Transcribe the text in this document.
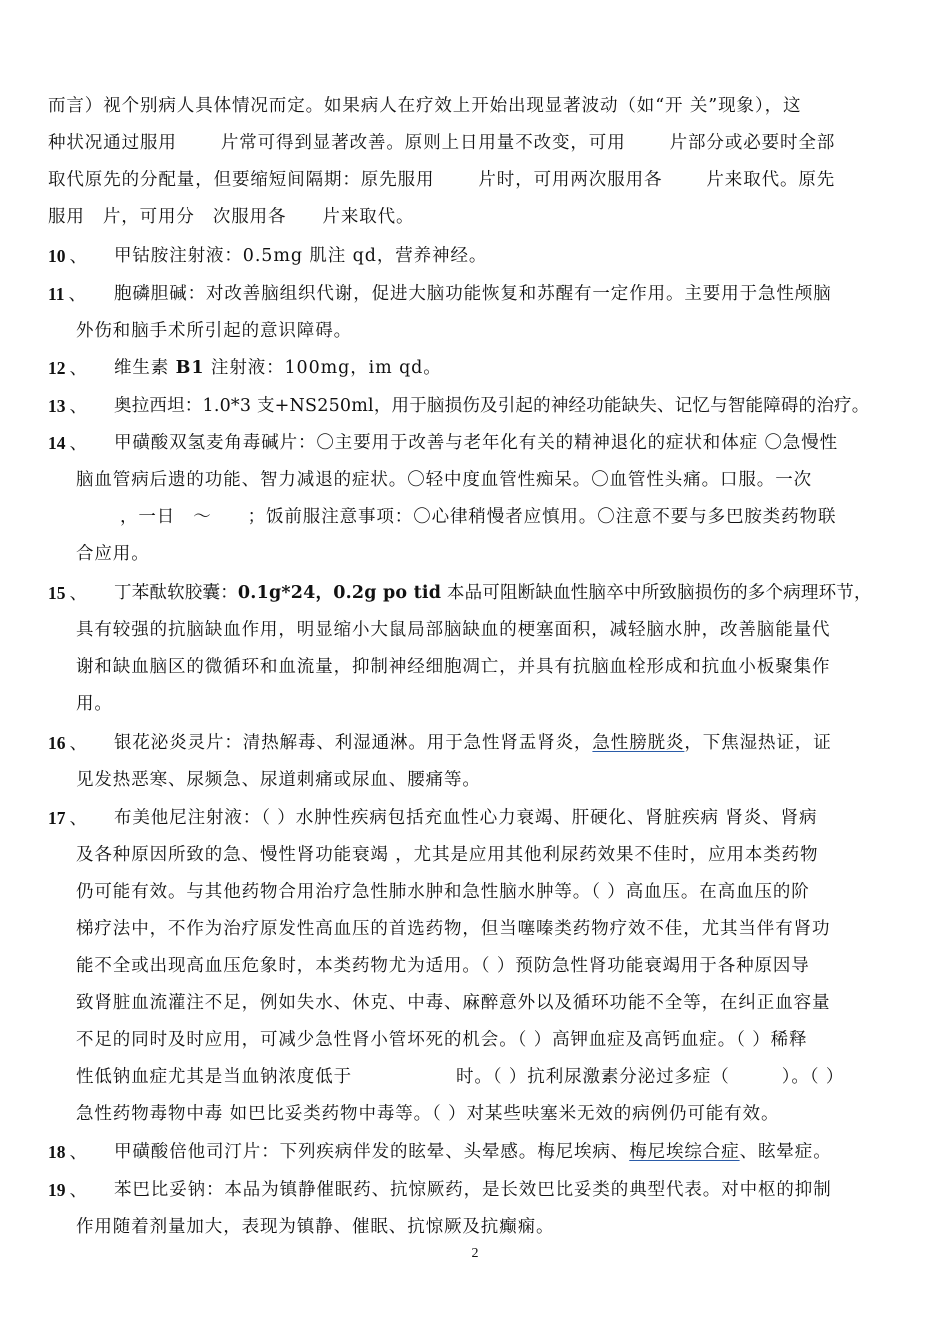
而言）视个别病人具体情况而定。如果病人在疗效上开始出现显著波动（如“开 关”现象），这
种状况通过服用	片常可得到显著改善。原则上日用量不改变，可用	片部分或必要时全部
取代原先的分配量，但要缩短间隔期：原先服用	片时，可用两次服用各	片来取代。原先
服用 片，可用分 次服用各 片来取代。
10 、 甲钴胺注射液：0.5mg 肌注 qd，营养神经。
11 、 胞磷胆碱：对改善脑组织代谢，促进大脑功能恢复和苏醒有一定作用。主要用于急性颅脑
外伤和脑手术所引起的意识障碍。
12 、 维生素 B1 注射液：100mg，im qd。
13 、 奥拉西坦：1.0*3 支+NS250ml，用于脑损伤及引起的神经功能缺失、记忆与智能障碍的治疗。
14 、 甲磺酸双氢麦角毒碱片：〇主要用于改善与老年化有关的精神退化的症状和体症 〇急慢性
脑血管病后遗的功能、智力减退的症状。〇轻中度血管性痴呆。〇血管性头痛。口服。一次
，一日 ～ ；饭前服注意事项：〇心律稍慢者应慎用。〇注意不要与多巴胺类药物联
合应用。
15 、 丁苯酞软胶囊：0.1g*24，0.2g po tid 本品可阻断缺血性脑卒中所致脑损伤的多个病理环节，
具有较强的抗脑缺血作用，明显缩小大鼠局部脑缺血的梗塞面积，减轻脑水肿，改善脑能量代
谢和缺血脑区的微循环和血流量，抑制神经细胞凋亡，并具有抗脑血栓形成和抗血小板聚集作
用。
16 、 银花泌炎灵片：清热解毒、利湿通淋。用于急性肾盂肾炎，急性膀胱炎，下焦湿热证，证
见发热恶寒、尿频急、尿道刺痛或尿血、腰痛等。
17 、 布美他尼注射液：（ ）水肿性疾病包括充血性心力衰竭、肝硬化、肾脏疾病 肾炎、肾病
及各种原因所致的急、慢性肾功能衰竭 ，尤其是应用其他利尿药效果不佳时，应用本类药物
仍可能有效。与其他药物合用治疗急性肺水肿和急性脑水肿等。（ ）高血压。在高血压的阶
梯疗法中，不作为治疗原发性高血压的首选药物，但当噻嗪类药物疗效不佳，尤其当伴有肾功
能不全或出现高血压危象时，本类药物尤为适用。（ ）预防急性肾功能衰竭用于各种原因导
致肾脏血流灌注不足，例如失水、休克、中毒、麻醉意外以及循环功能不全等，在纠正血容量
不足的同时及时应用，可减少急性肾小管坏死的机会。（ ）高钾血症及高钙血症。（ ）稀释
性低钠血症尤其是当血钠浓度低于	时。（ ）抗利尿激素分泌过多症（	）。（ ）
急性药物毒物中毒 如巴比妥类药物中毒等。（ ）对某些呋塞米无效的病例仍可能有效。
18 、 甲磺酸倍他司汀片：下列疾病伴发的眩晕、头晕感。梅尼埃病、梅尼埃综合症、眩晕症。
19 、 苯巴比妥钠：本品为镇静催眠药、抗惊厥药，是长效巴比妥类的典型代表。对中枢的抑制
作用随着剂量加大，表现为镇静、催眠、抗惊厥及抗癫痫。
2
